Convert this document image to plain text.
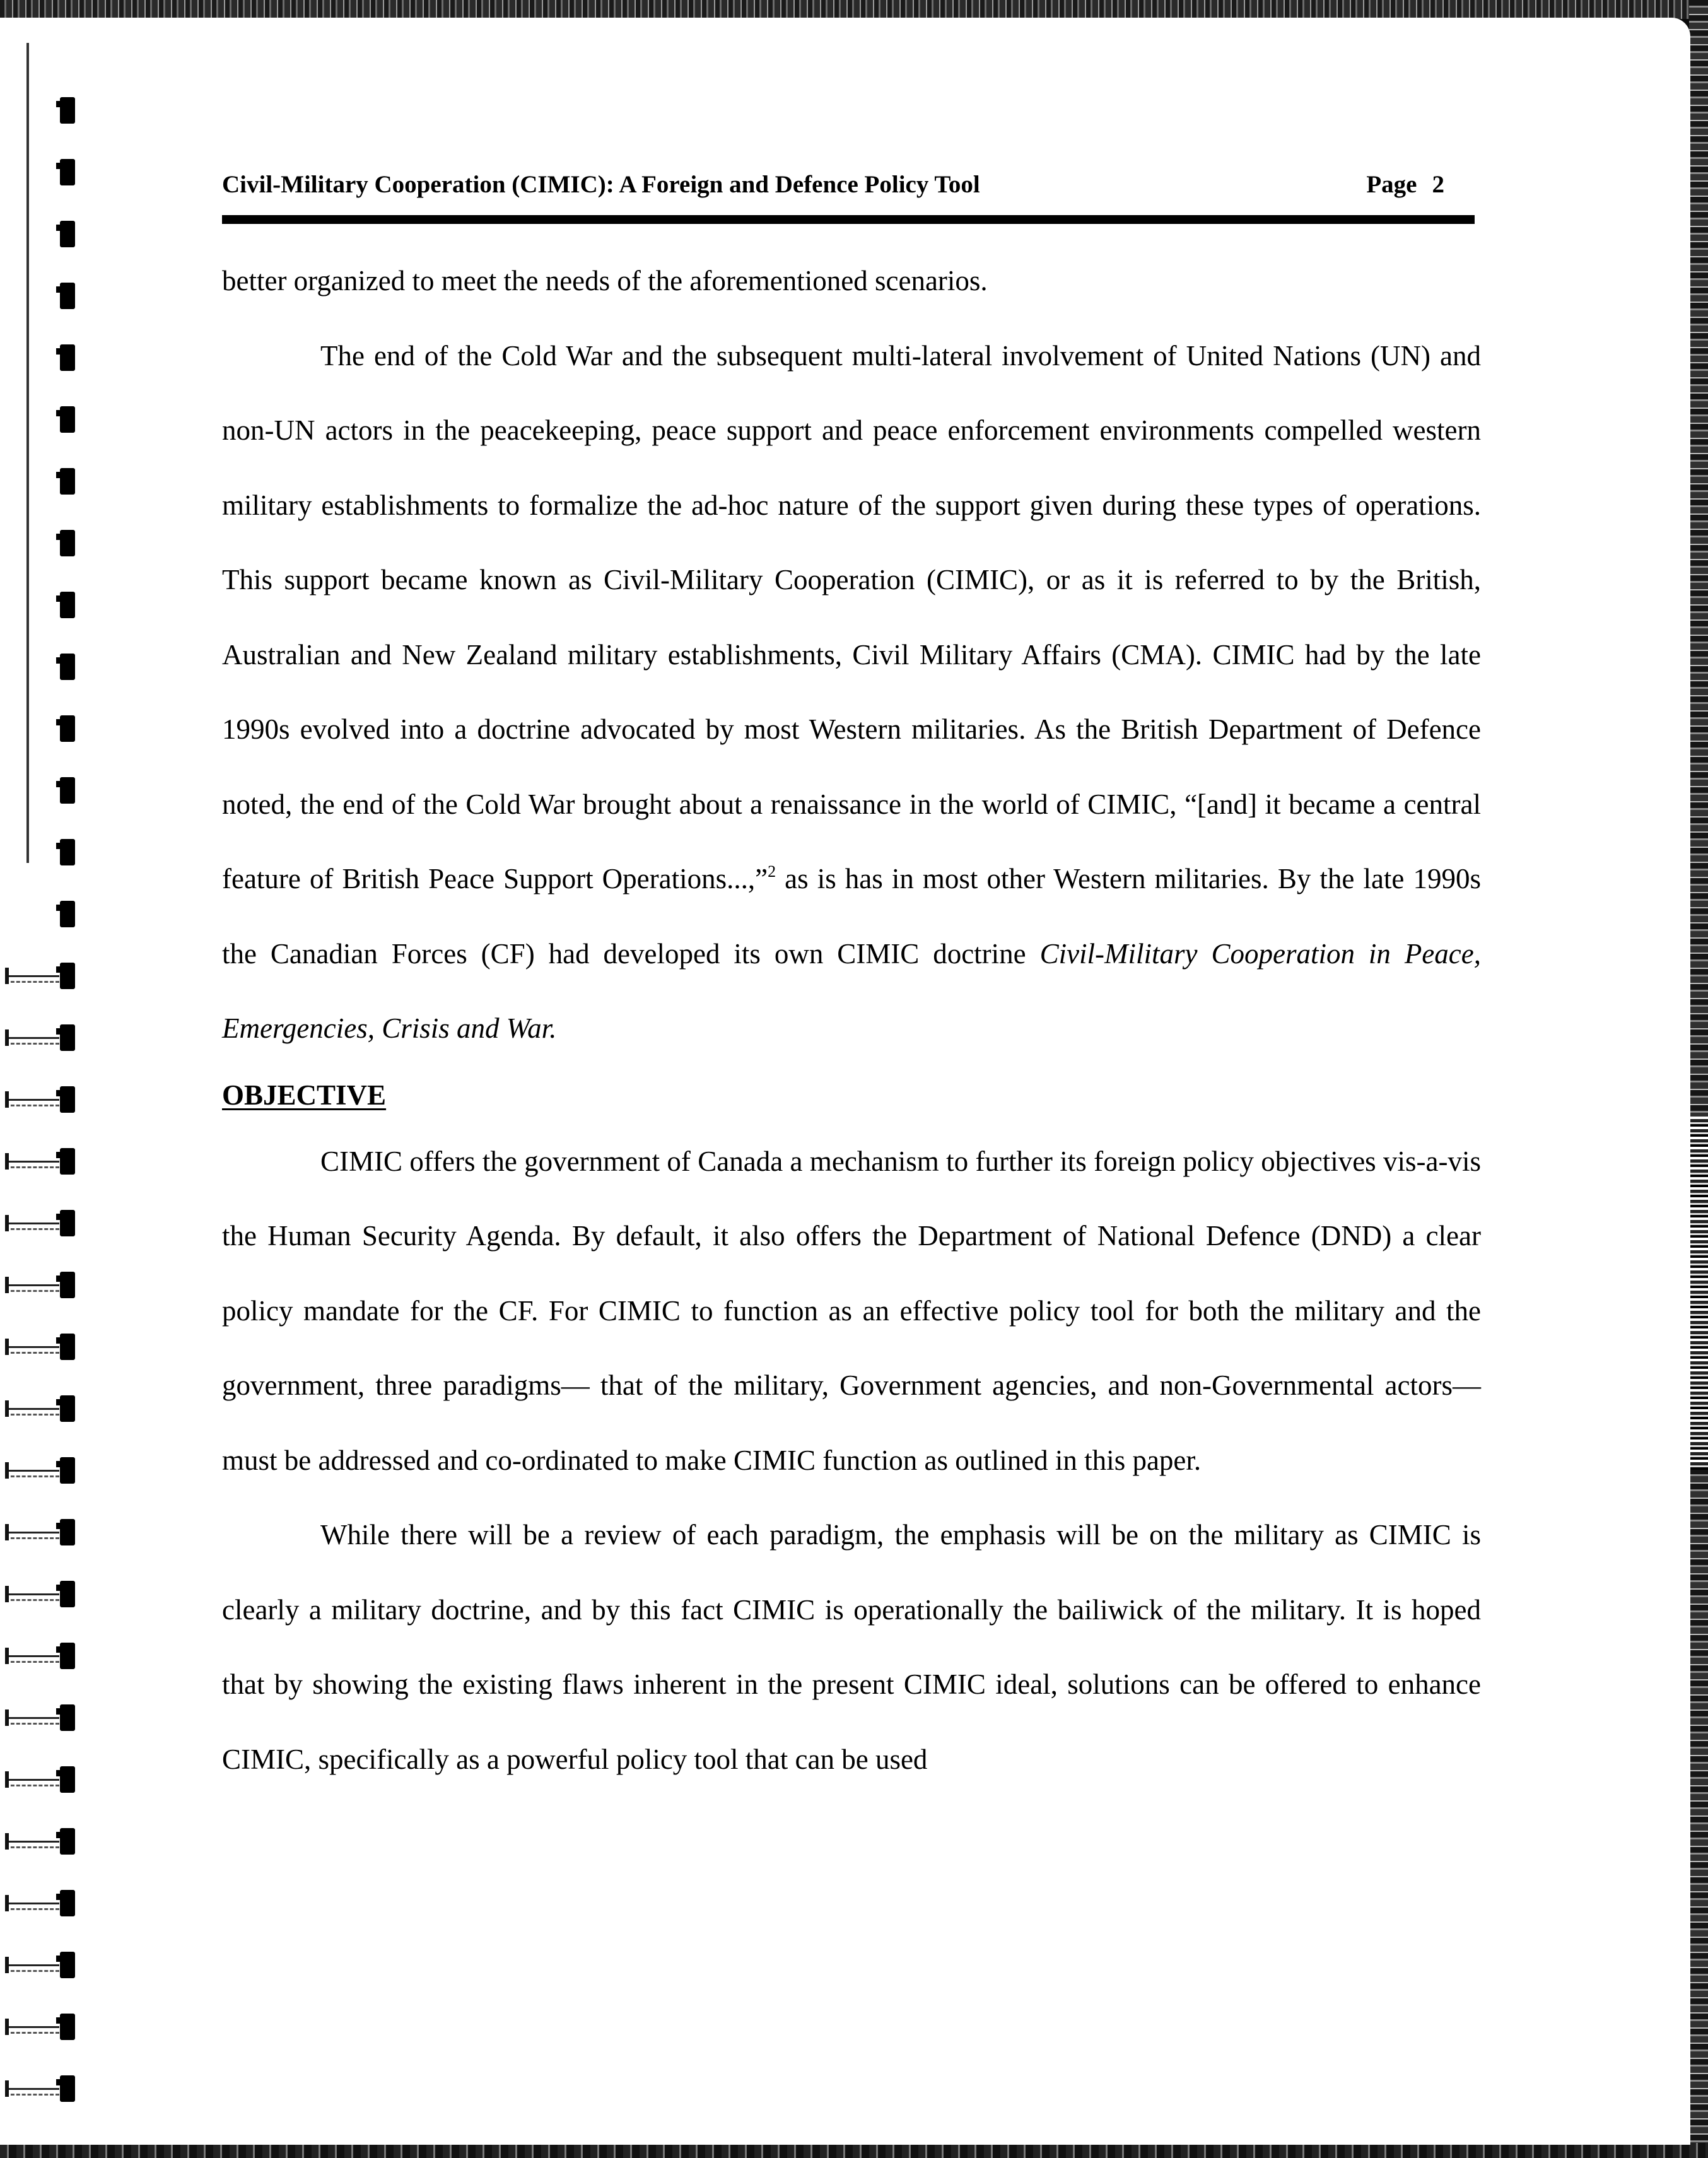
Civil-Military Cooperation (CIMIC): A Foreign and Defence Policy Tool	Page 2

better organized to meet the needs of the aforementioned scenarios.

The end of the Cold War and the subsequent multi-lateral involvement of United Nations (UN) and non-UN actors in the peacekeeping, peace support and peace enforcement environments compelled western military establishments to formalize the ad-hoc nature of the support given during these types of operations. This support became known as Civil-Military Cooperation (CIMIC), or as it is referred to by the British, Australian and New Zealand military establishments, Civil Military Affairs (CMA). CIMIC had by the late 1990s evolved into a doctrine advocated by most Western militaries. As the British Department of Defence noted, the end of the Cold War brought about a renaissance in the world of CIMIC, “[and] it became a central feature of British Peace Support Operations...,”$^2$ as is has in most other Western militaries. By the late 1990s the Canadian Forces (CF) had developed its own CIMIC doctrine Civil-Military Cooperation in Peace, Emergencies, Crisis and War.

OBJECTIVE

CIMIC offers the government of Canada a mechanism to further its foreign policy objectives vis-a-vis the Human Security Agenda. By default, it also offers the Department of National Defence (DND) a clear policy mandate for the CF. For CIMIC to function as an effective policy tool for both the military and the government, three paradigms— that of the military, Government agencies, and non-Governmental actors— must be addressed and co-ordinated to make CIMIC function as outlined in this paper.

While there will be a review of each paradigm, the emphasis will be on the military as CIMIC is clearly a military doctrine, and by this fact CIMIC is operationally the bailiwick of the military. It is hoped that by showing the existing flaws inherent in the present CIMIC ideal, solutions can be offered to enhance CIMIC, specifically as a powerful policy tool that can be used
